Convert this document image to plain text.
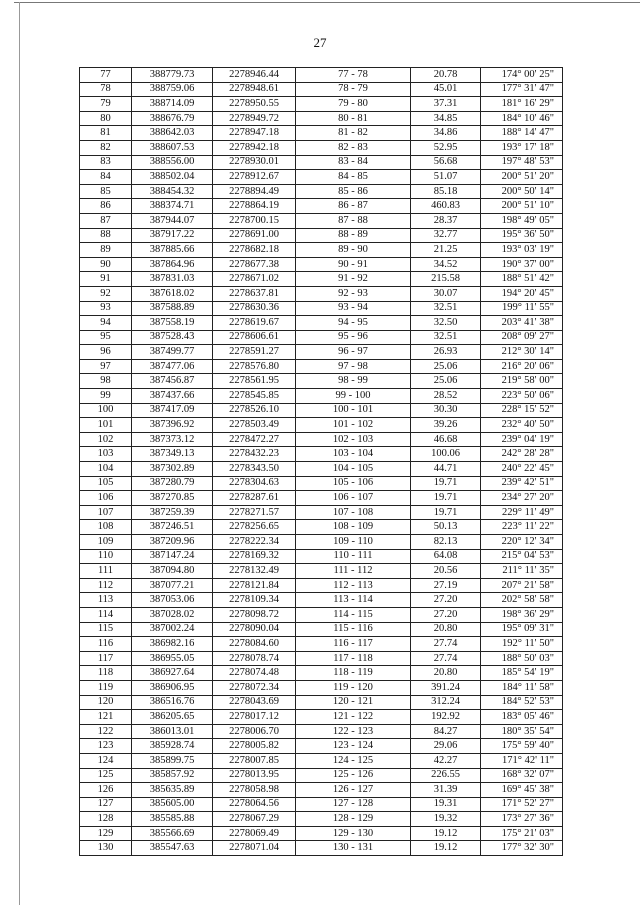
27
77	388779.73	2278946.44	77 - 78	20.78	174° 00' 25"
78	388759.06	2278948.61	78 - 79	45.01	177° 31' 47"
79	388714.09	2278950.55	79 - 80	37.31	181° 16' 29"
80	388676.79	2278949.72	80 - 81	34.85	184° 10' 46"
81	388642.03	2278947.18	81 - 82	34.86	188° 14' 47"
82	388607.53	2278942.18	82 - 83	52.95	193° 17' 18"
83	388556.00	2278930.01	83 - 84	56.68	197° 48' 53"
84	388502.04	2278912.67	84 - 85	51.07	200° 51' 20"
85	388454.32	2278894.49	85 - 86	85.18	200° 50' 14"
86	388374.71	2278864.19	86 - 87	460.83	200° 51' 10"
87	387944.07	2278700.15	87 - 88	28.37	198° 49' 05"
88	387917.22	2278691.00	88 - 89	32.77	195° 36' 50"
89	387885.66	2278682.18	89 - 90	21.25	193° 03' 19"
90	387864.96	2278677.38	90 - 91	34.52	190° 37' 00"
91	387831.03	2278671.02	91 - 92	215.58	188° 51' 42"
92	387618.02	2278637.81	92 - 93	30.07	194° 20' 45"
93	387588.89	2278630.36	93 - 94	32.51	199° 11' 55"
94	387558.19	2278619.67	94 - 95	32.50	203° 41' 38"
95	387528.43	2278606.61	95 - 96	32.51	208° 09' 27"
96	387499.77	2278591.27	96 - 97	26.93	212° 30' 14"
97	387477.06	2278576.80	97 - 98	25.06	216° 20' 06"
98	387456.87	2278561.95	98 - 99	25.06	219° 58' 00"
99	387437.66	2278545.85	99 - 100	28.52	223° 50' 06"
100	387417.09	2278526.10	100 - 101	30.30	228° 15' 52"
101	387396.92	2278503.49	101 - 102	39.26	232° 40' 50"
102	387373.12	2278472.27	102 - 103	46.68	239° 04' 19"
103	387349.13	2278432.23	103 - 104	100.06	242° 28' 28"
104	387302.89	2278343.50	104 - 105	44.71	240° 22' 45"
105	387280.79	2278304.63	105 - 106	19.71	239° 42' 51"
106	387270.85	2278287.61	106 - 107	19.71	234° 27' 20"
107	387259.39	2278271.57	107 - 108	19.71	229° 11' 49"
108	387246.51	2278256.65	108 - 109	50.13	223° 11' 22"
109	387209.96	2278222.34	109 - 110	82.13	220° 12' 34"
110	387147.24	2278169.32	110 - 111	64.08	215° 04' 53"
111	387094.80	2278132.49	111 - 112	20.56	211° 11' 35"
112	387077.21	2278121.84	112 - 113	27.19	207° 21' 58"
113	387053.06	2278109.34	113 - 114	27.20	202° 58' 58"
114	387028.02	2278098.72	114 - 115	27.20	198° 36' 29"
115	387002.24	2278090.04	115 - 116	20.80	195° 09' 31"
116	386982.16	2278084.60	116 - 117	27.74	192° 11' 50"
117	386955.05	2278078.74	117 - 118	27.74	188° 50' 03"
118	386927.64	2278074.48	118 - 119	20.80	185° 54' 19"
119	386906.95	2278072.34	119 - 120	391.24	184° 11' 58"
120	386516.76	2278043.69	120 - 121	312.24	184° 52' 53"
121	386205.65	2278017.12	121 - 122	192.92	183° 05' 46"
122	386013.01	2278006.70	122 - 123	84.27	180° 35' 54"
123	385928.74	2278005.82	123 - 124	29.06	175° 59' 40"
124	385899.75	2278007.85	124 - 125	42.27	171° 42' 11"
125	385857.92	2278013.95	125 - 126	226.55	168° 32' 07"
126	385635.89	2278058.98	126 - 127	31.39	169° 45' 38"
127	385605.00	2278064.56	127 - 128	19.31	171° 52' 27"
128	385585.88	2278067.29	128 - 129	19.32	173° 27' 36"
129	385566.69	2278069.49	129 - 130	19.12	175° 21' 03"
130	385547.63	2278071.04	130 - 131	19.12	177° 32' 30"
